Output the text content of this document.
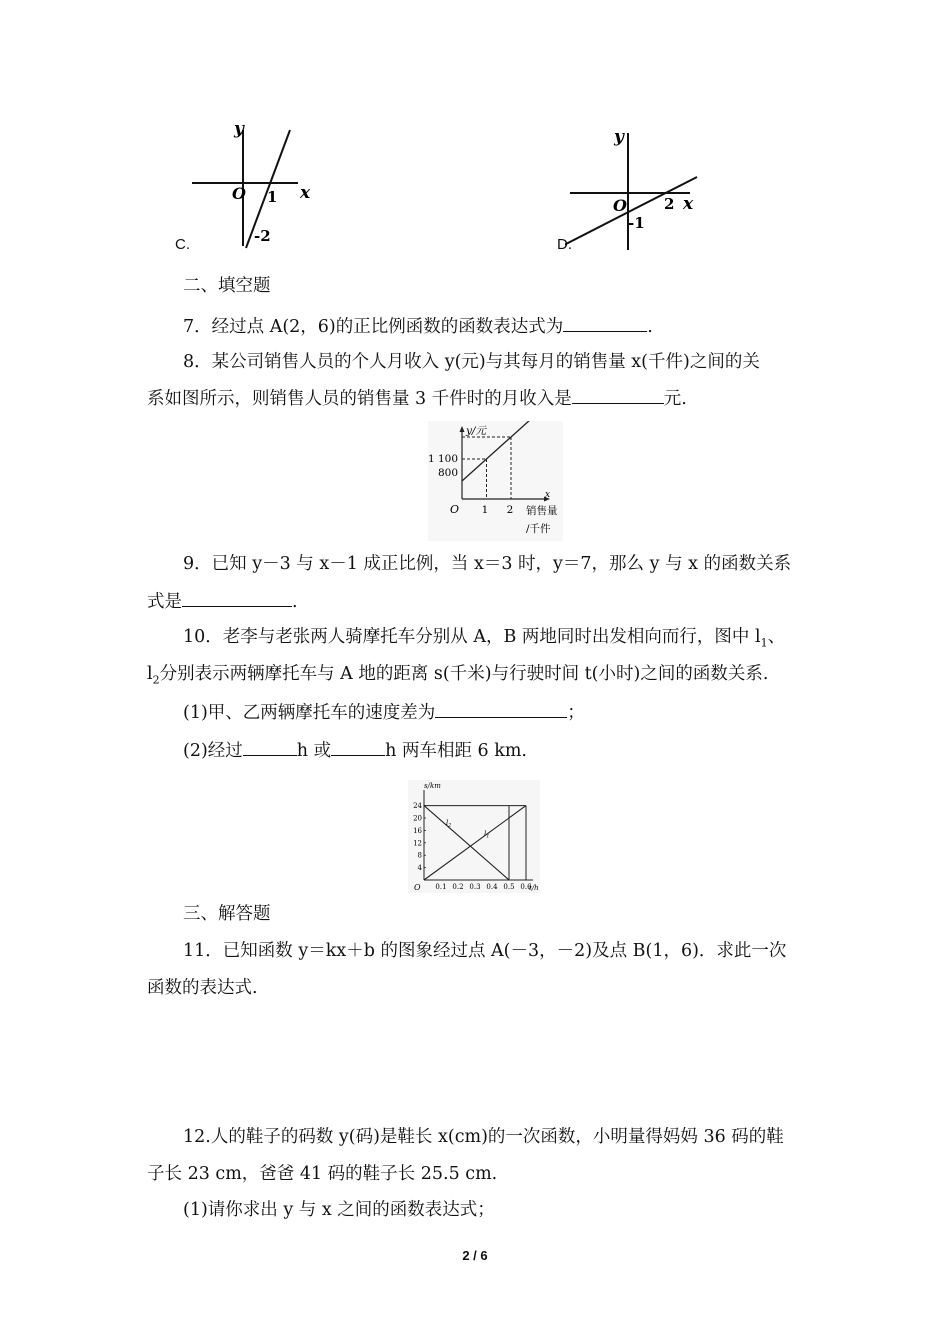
y
x
O 1
-2
C.
y
x
O 2
-1
D.
二、填空题
7．经过点 A(2，6)的正比例函数的函数表达式为	.
8．某公司销售人员的个人月收入 y(元)与其每月的销售量 x(千件)之间的关
系如图所示，则销售人员的销售量 3 千件时的月收入是	元.
y/元
1 100
800
O 1 2
x
销售量
/千件
9．已知 y－3 与 x－1 成正比例，当 x＝3 时，y＝7，那么 y 与 x 的函数关系
式是	.
10．老李与老张两人骑摩托车分别从 A，B 两地同时出发相向而行，图中 $l_1$、
$l_2$分别表示两辆摩托车与 A 地的距离 s(千米)与行驶时间 t(小时)之间的函数关系.
(1)甲、乙两辆摩托车的速度差为	；
(2)经过	h 或	h 两车相距 6 km.
24
20
16
12
8
4
0.1 0.2 0.3 0.4 0.5 0.6
s/km
t/h
O
$l_2$
$l_1$
三、解答题
11．已知函数 y＝kx＋b 的图象经过点 A(－3，－2)及点 B(1，6)．求此一次
函数的表达式.
12.人的鞋子的码数 y(码)是鞋长 x(cm)的一次函数，小明量得妈妈 36 码的鞋
子长 23 cm，爸爸 41 码的鞋子长 25.5 cm.
(1)请你求出 y 与 x 之间的函数表达式；
2 / 6
